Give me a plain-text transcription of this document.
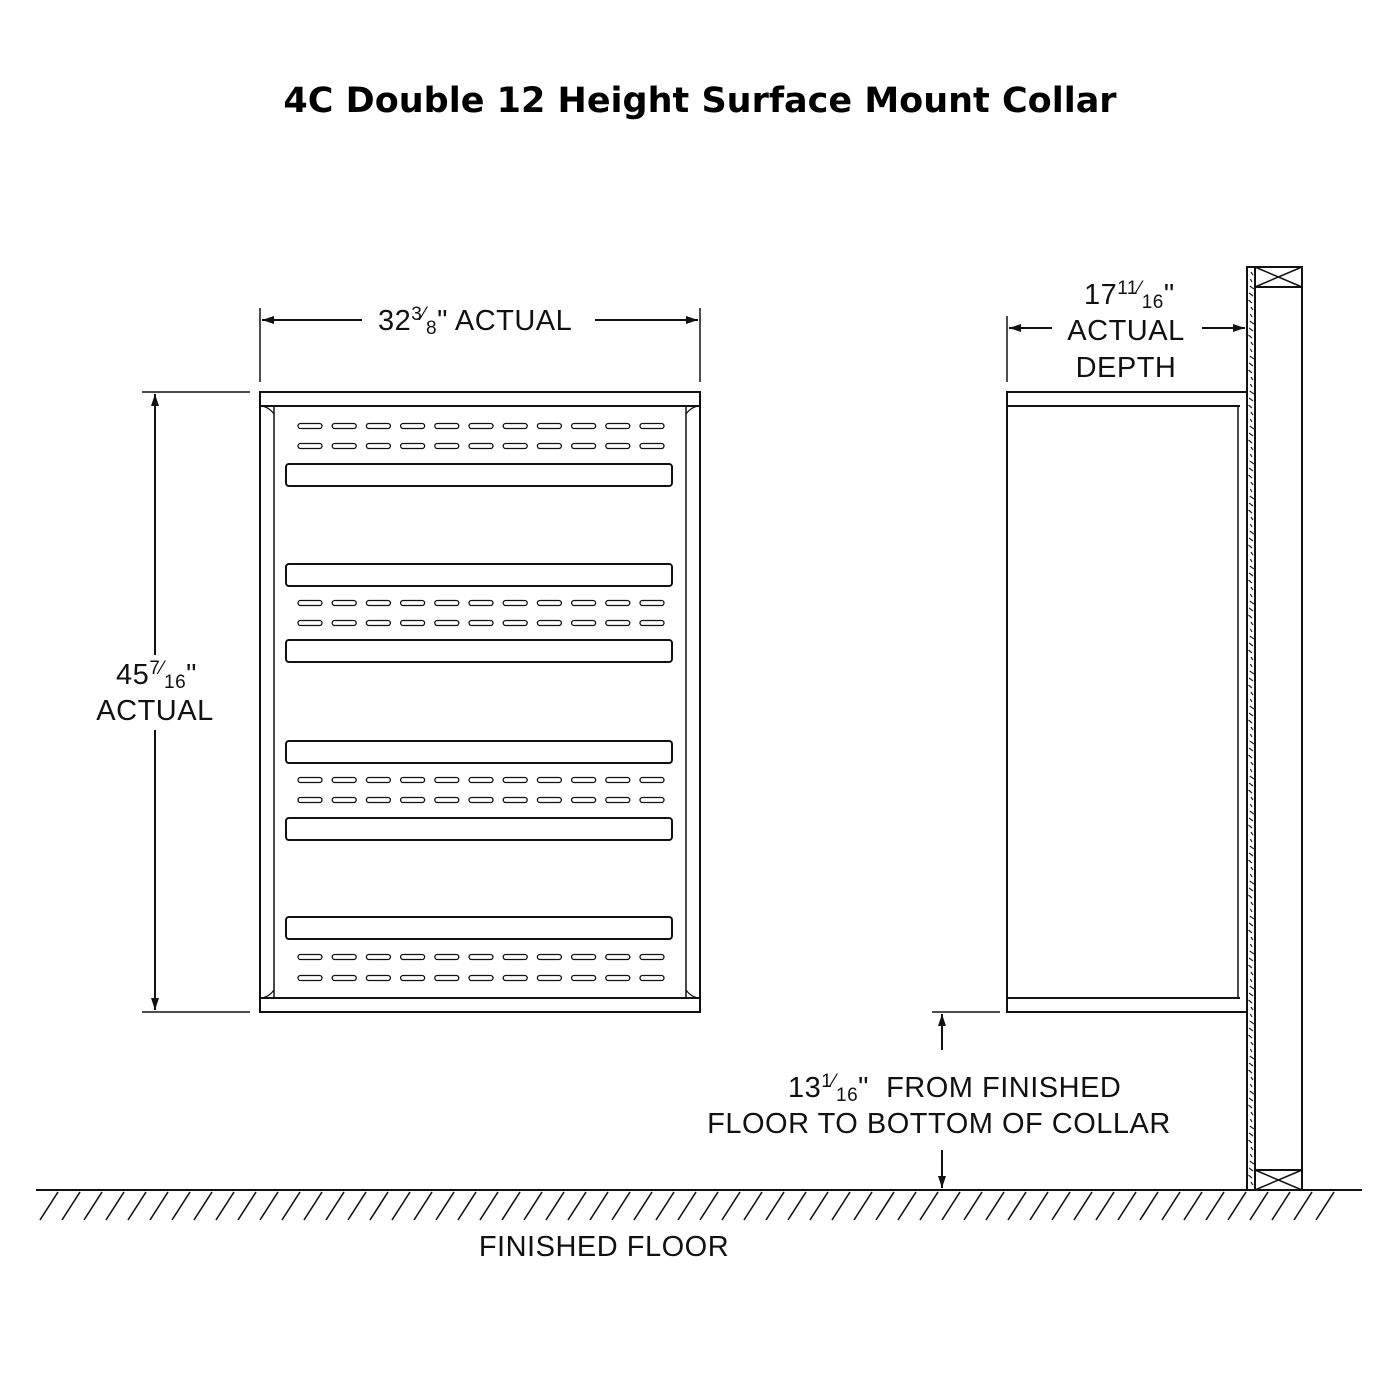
4C Double 12 Height Surface Mount Collar
$32^3⁄_8$" ACTUAL
$45^7⁄_{16}$"
ACTUAL
$17^{11}⁄_{16}$"
ACTUAL
DEPTH
$13^1⁄_{16}$"  FROM FINISHED
FLOOR TO BOTTOM OF COLLAR
FINISHED FLOOR
